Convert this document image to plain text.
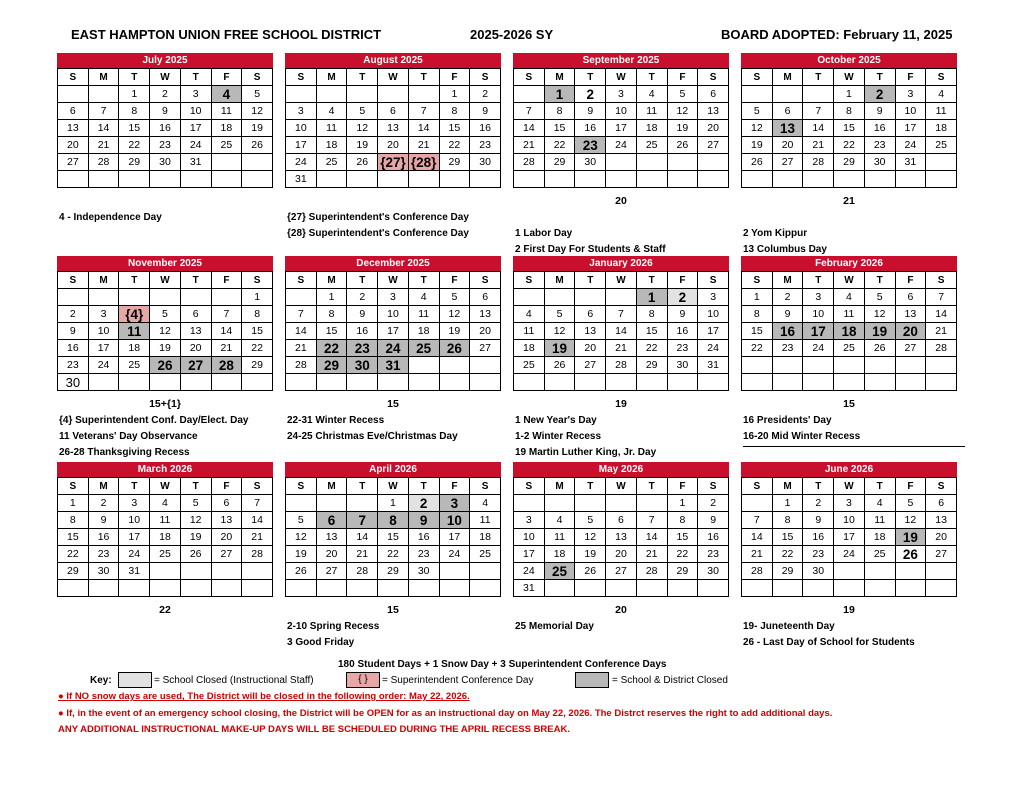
EAST HAMPTON UNION FREE SCHOOL DISTRICT	2025-2026 SY	BOARD ADOPTED: February 11, 2025
July 2025
S	M	T	W	T	F	S
		1	2	3	4	5
6	7	8	9	10	11	12
13	14	15	16	17	18	19
20	21	22	23	24	25	26
27	28	29	30	31		

4 - Independence Day
August 2025
S	M	T	W	T	F	S
					1	2
3	4	5	6	7	8	9
10	11	12	13	14	15	16
17	18	19	20	21	22	23
24	25	26	{27}	{28}	29	30
31						
{27} Superintendent's Conference Day
{28} Superintendent's Conference Day
September 2025
S	M	T	W	T	F	S
	1	2	3	4	5	6
7	8	9	10	11	12	13
14	15	16	17	18	19	20
21	22	23	24	25	26	27
28	29	30				

20

1 Labor Day
2 First Day For Students & Staff
October 2025
S	M	T	W	T	F	S
			1	2	3	4
5	6	7	8	9	10	11
12	13	14	15	16	17	18
19	20	21	22	23	24	25
26	27	28	29	30	31	

21

2 Yom Kippur
13 Columbus Day
November 2025
S	M	T	W	T	F	S
						1
2	3	{4}	5	6	7	8
9	10	11	12	13	14	15
16	17	18	19	20	21	22
23	24	25	26	27	28	29
30						
15+{1}
{4} Superintendent Conf. Day/Elect. Day
11 Veterans' Day Observance
26-28 Thanksgiving Recess
December 2025
S	M	T	W	T	F	S
	1	2	3	4	5	6
7	8	9	10	11	12	13
14	15	16	17	18	19	20
21	22	23	24	25	26	27
28	29	30	31			

15
22-31 Winter Recess
24-25 Christmas Eve/Christmas Day
January 2026
S	M	T	W	T	F	S
				1	2	3
4	5	6	7	8	9	10
11	12	13	14	15	16	17
18	19	20	21	22	23	24
25	26	27	28	29	30	31

19
1 New Year's Day
1-2 Winter Recess
19 Martin Luther King, Jr. Day
February 2026
S	M	T	W	T	F	S
1	2	3	4	5	6	7
8	9	10	11	12	13	14
15	16	17	18	19	20	21
22	23	24	25	26	27	28

15
16 Presidents' Day
16-20 Mid Winter Recess
March 2026
S	M	T	W	T	F	S
1	2	3	4	5	6	7
8	9	10	11	12	13	14
15	16	17	18	19	20	21
22	23	24	25	26	27	28
29	30	31				

22
April 2026
S	M	T	W	T	F	S
			1	2	3	4
5	6	7	8	9	10	11
12	13	14	15	16	17	18
19	20	21	22	23	24	25
26	27	28	29	30		

15
2-10 Spring Recess
3 Good Friday
May 2026
S	M	T	W	T	F	S
					1	2
3	4	5	6	7	8	9
10	11	12	13	14	15	16
17	18	19	20	21	22	23
24	25	26	27	28	29	30
31						
20
25 Memorial Day
June 2026
S	M	T	W	T	F	S
	1	2	3	4	5	6
7	8	9	10	11	12	13
14	15	16	17	18	19	20
21	22	23	24	25	26	27
28	29	30				

19
19- Juneteenth Day
26 - Last Day of School for Students
180 Student Days + 1 Snow Day + 3 Superintendent Conference Days
Key:	= School Closed (Instructional Staff)	{ }	= Superintendent Conference Day	= School & District Closed
● If NO snow days are used, The District will be closed in the following order: May 22, 2026.
● If, in the event of an emergency school closing, the District will be OPEN for as an instructional day on May 22, 2026. The Distrct reserves the right to add additional days.
ANY ADDITIONAL INSTRUCTIONAL MAKE-UP DAYS WILL BE SCHEDULED DURING THE APRIL RECESS BREAK.
